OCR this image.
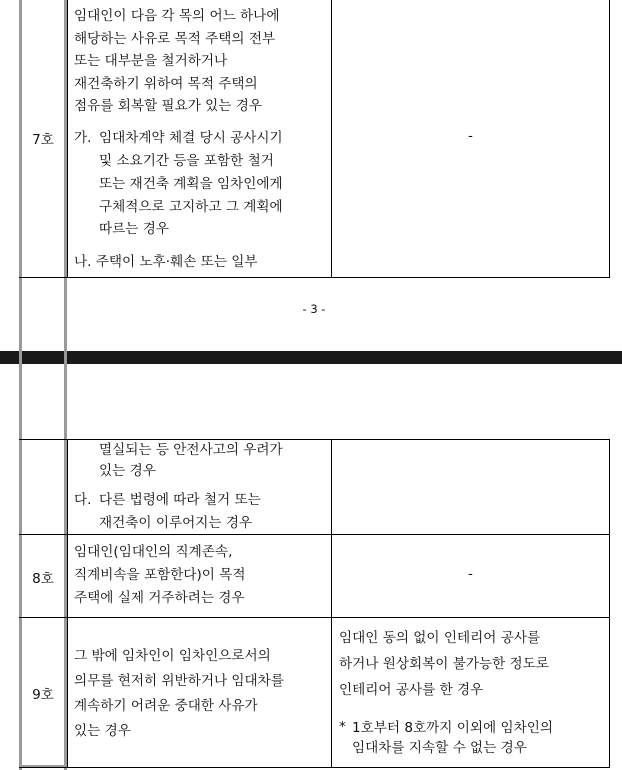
7호
임대인이 다음 각 목의 어느 하나에
해당하는 사유로 목적 주택의 전부
또는 대부분을 철거하거나
재건축하기 위하여 목적 주택의
점유를 회복할 필요가 있는 경우
가. 임대차계약 체결 당시 공사시기
및 소요기간 등을 포함한 철거
또는 재건축 계획을 임차인에게
구체적으로 고지하고 그 계획에
따르는 경우
나. 주택이 노후·훼손 또는 일부
-
- 3 -
멸실되는 등 안전사고의 우려가
있는 경우
다. 다른 법령에 따라 철거 또는
재건축이 이루어지는 경우
8호
임대인(임대인의 직계존속,
직계비속을 포함한다)이 목적
주택에 실제 거주하려는 경우
-
9호
그 밖에 임차인이 임차인으로서의
의무를 현저히 위반하거나 임대차를
계속하기 어려운 중대한 사유가
있는 경우
임대인 동의 없이 인테리어 공사를
하거나 원상회복이 불가능한 정도로
인테리어 공사를 한 경우
* 1호부터 8호까지 이외에 임차인의
임대차를 지속할 수 없는 경우
